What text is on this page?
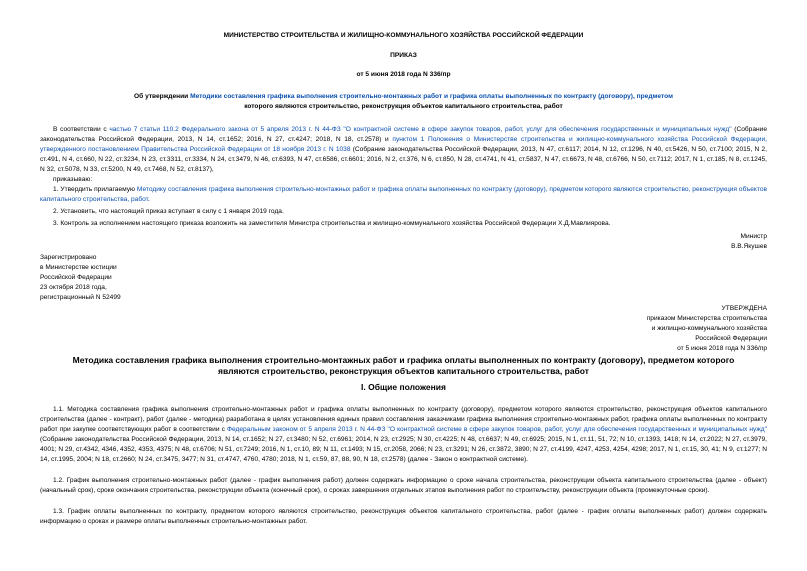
МИНИСТЕРСТВО СТРОИТЕЛЬСТВА И ЖИЛИЩНО-КОММУНАЛЬНОГО ХОЗЯЙСТВА РОССИЙСКОЙ ФЕДЕРАЦИИ
ПРИКАЗ
от 5 июня 2018 года N 336/пр
Об утверждении Методики составления графика выполнения строительно-монтажных работ и графика оплаты выполненных по контракту (договору), предметом
которого являются строительство, реконструкция объектов капитального строительства, работ
В соответствии с частью 7 статьи 110.2 Федерального закона от 5 апреля 2013 г. N 44-ФЗ "О контрактной системе в сфере закупок товаров, работ, услуг для обеспечения государственных и муниципальных нужд" (Собрание законодательства Российской Федерации, 2013, N 14, ст.1652; 2016, N 27, ст.4247; 2018, N 18, ст.2578) и пунктом 1 Положения о Министерстве строительства и жилищно-коммунального хозяйства Российской Федерации, утвержденного постановлением Правительства Российской Федерации от 18 ноября 2013 г. N 1038 (Собрание законодательства Российской Федерации, 2013, N 47, ст.6117; 2014, N 12, ст.1296, N 40, ст.5426, N 50, ст.7100; 2015, N 2, ст.491, N 4, ст.660, N 22, ст.3234, N 23, ст.3311, ст.3334, N 24, ст.3479, N 46, ст.6393, N 47, ст.6586, ст.6601; 2016, N 2, ст.376, N 6, ст.850, N 28, ст.4741, N 41, ст.5837, N 47, ст.6673, N 48, ст.6766, N 50, ст.7112; 2017, N 1, ст.185, N 8, ст.1245, N 32, ст.5078, N 33, ст.5200, N 49, ст.7468, N 52, ст.8137),
приказываю:
1. Утвердить прилагаемую Методику составления графика выполнения строительно-монтажных работ и графика оплаты выполненных по контракту (договору), предметом которого являются строительство, реконструкция объектов капитального строительства, работ.
2. Установить, что настоящий приказ вступает в силу с 1 января 2019 года.
3. Контроль за исполнением настоящего приказа возложить на заместителя Министра строительства и жилищно-коммунального хозяйства Российской Федерации Х.Д.Мавлиярова.
Министр
В.В.Якушев
Зарегистрировано
в Министерстве юстиции
Российской Федерации
23 октября 2018 года,
регистрационный N 52499
УТВЕРЖДЕНА
приказом Министерства строительства
и жилищно-коммунального хозяйства
Российской Федерации
от 5 июня 2018 года N 336/пр
Методика составления графика выполнения строительно-монтажных работ и графика оплаты выполненных по контракту (договору), предметом которого
являются строительство, реконструкция объектов капитального строительства, работ
I. Общие положения
1.1. Методика составления графика выполнения строительно-монтажных работ и графика оплаты выполненных по контракту (договору), предметом которого являются строительство, реконструкция объектов капитального строительства (далее - контракт), работ (далее - методика) разработана в целях установления единых правил составления заказчиками графика выполнения строительно-монтажных работ, графика оплаты выполненных по контракту работ при закупке соответствующих работ в соответствии с Федеральным законом от 5 апреля 2013 г. N 44-ФЗ "О контрактной системе в сфере закупок товаров, работ, услуг для обеспечения государственных и муниципальных нужд" (Собрание законодательства Российской Федерации, 2013, N 14, ст.1652; N 27, ст.3480; N 52, ст.6961; 2014, N 23, ст.2925; N 30, ст.4225; N 48, ст.6637; N 49, ст.6925; 2015, N 1, ст.11, 51, 72; N 10, ст.1393, 1418; N 14, ст.2022; N 27, ст.3979, 4001; N 29, ст.4342, 4346, 4352, 4353, 4375; N 48, ст.6706; N 51, ст.7249; 2016, N 1, ст.10, 89; N 11, ст.1493; N 15, ст.2058, 2066; N 23, ст.3291; N 26, ст.3872, 3890; N 27, ст.4199, 4247, 4253, 4254, 4298; 2017, N 1, ст.15, 30, 41; N 9, ст.1277; N 14, ст.1995, 2004; N 18, ст.2660; N 24, ст.3475, 3477; N 31, ст.4747, 4760, 4780; 2018, N 1, ст.59, 87, 88, 90, N 18, ст.2578) (далее - Закон о контрактной системе).
1.2. График выполнения строительно-монтажных работ (далее - график выполнения работ) должен содержать информацию о сроке начала строительства, реконструкции объекта капитального строительства (далее - объект) (начальный срок), сроке окончания строительства, реконструкции объекта (конечный срок), о сроках завершения отдельных этапов выполнения работ по строительству, реконструкции объекта (промежуточные сроки).
1.3. График оплаты выполненных по контракту, предметом которого являются строительство, реконструкция объектов капитального строительства, работ (далее - график оплаты выполненных работ) должен содержать информацию о сроках и размере оплаты выполненных строительно-монтажных работ.
